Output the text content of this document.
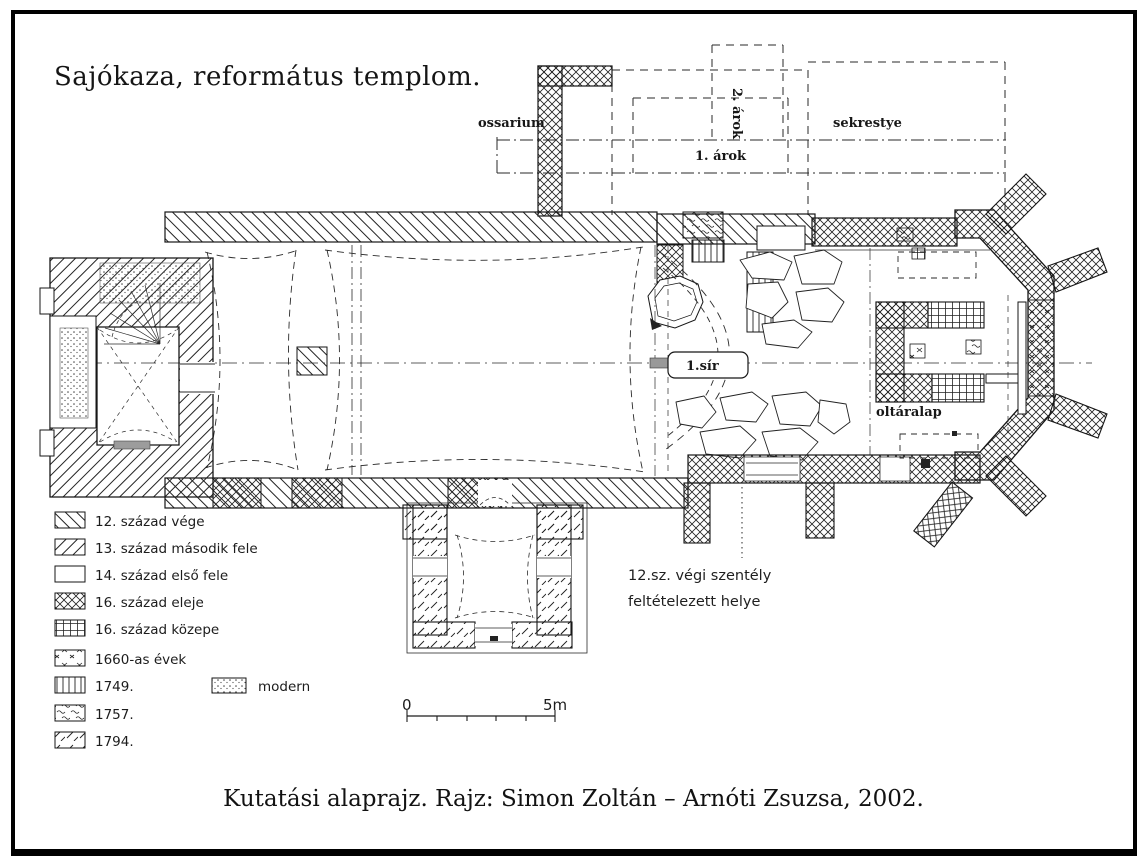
Sajókaza, református templom.
ossarium	2. árok
1. árok
sekrestye
1.sír
oltáralap
12.sz. végi szentély
feltételezett helye
12. század vége
13. század második fele
14. század első fele
16. század eleje
16. század közepe
1660-as évek
1749.
1757.
1794.
modern
0	5m
Kutatási alaprajz. Rajz: Simon Zoltán – Arnóti Zsuzsa, 2002.
